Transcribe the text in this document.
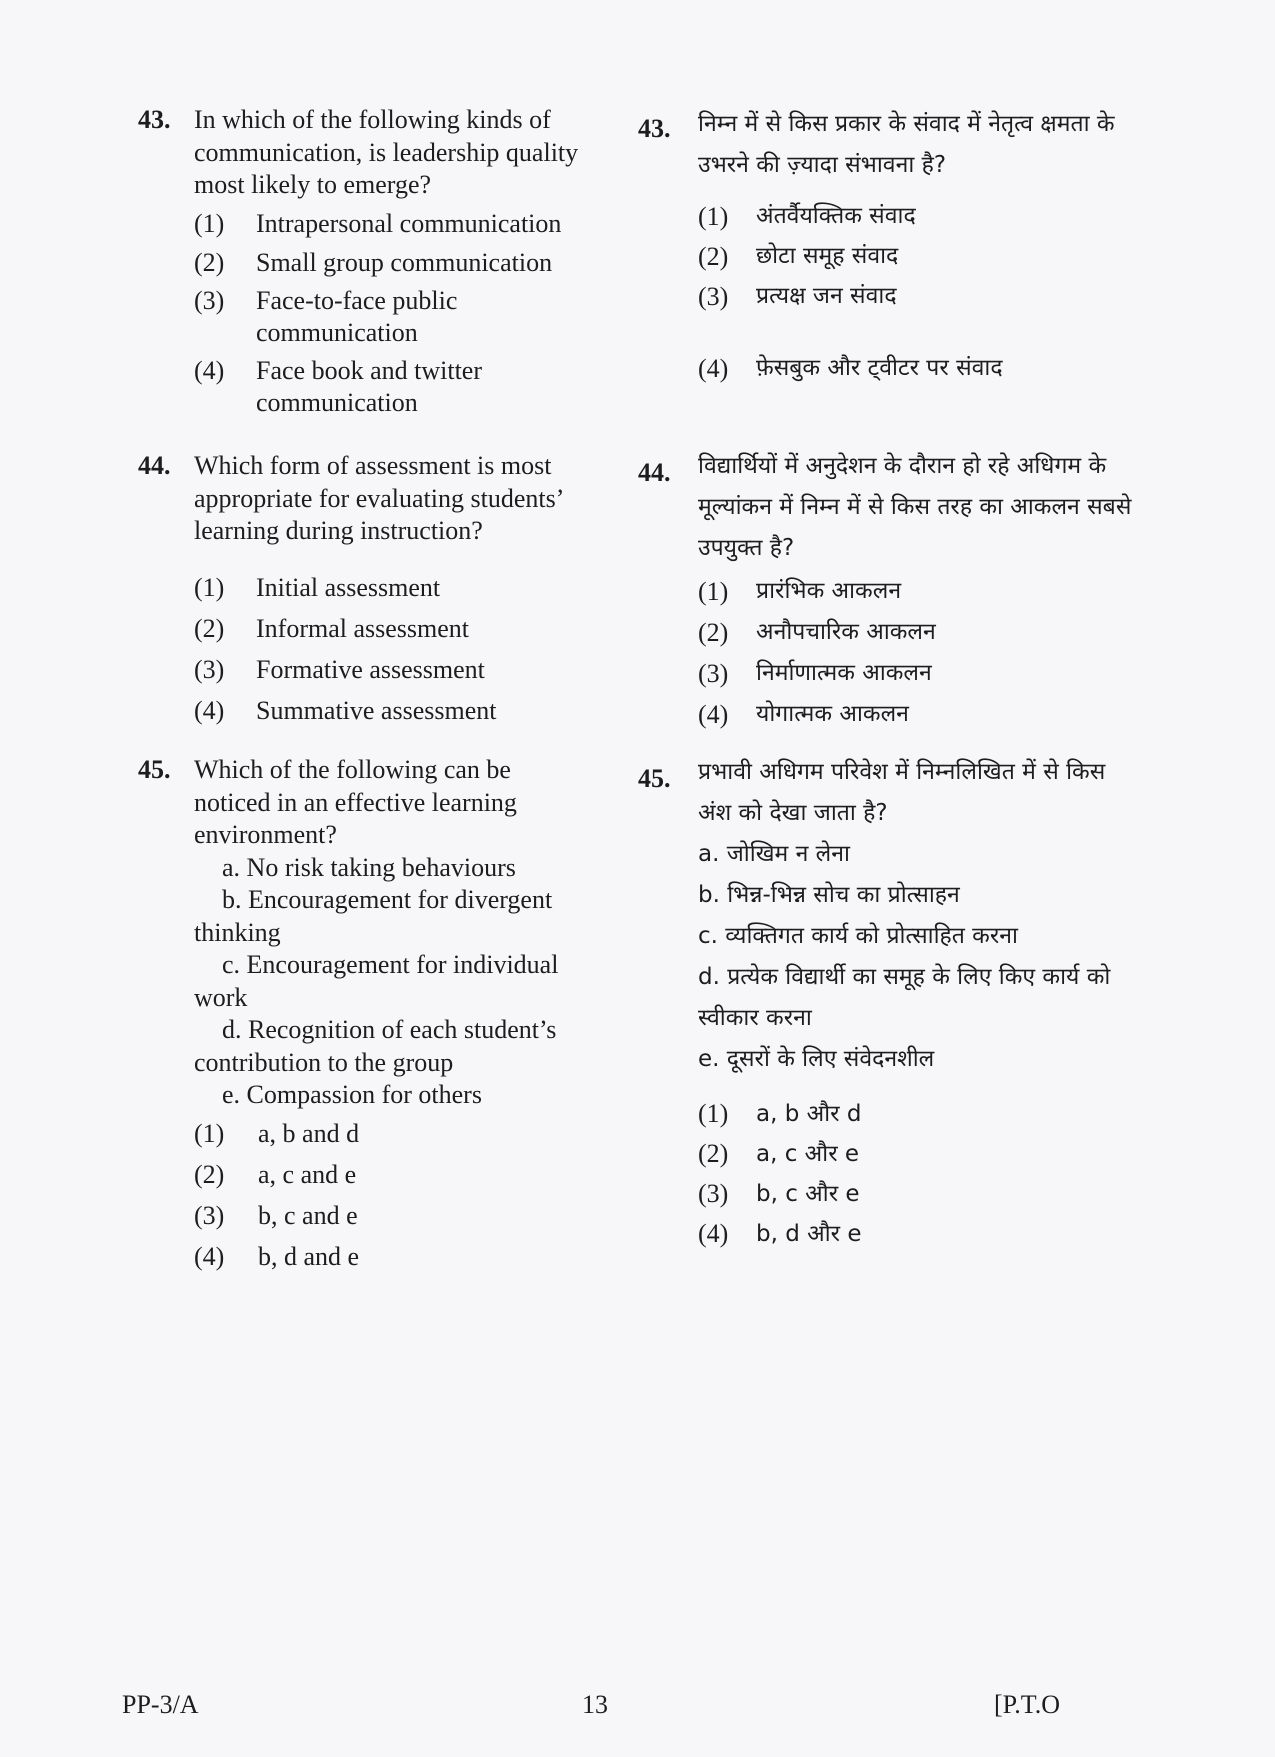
43. In which of the following kinds of communication, is leadership quality most likely to emerge?
(1)	Intrapersonal communication
(2)	Small group communication
(3)	Face-to-face public communication
(4)	Face book and twitter communication
43. निम्न में से किस प्रकार के संवाद में नेतृत्व क्षमता के उभरने की ज़्यादा संभावना है?
(1)	अंतर्वैयक्तिक संवाद
(2)	छोटा समूह संवाद
(3)	प्रत्यक्ष जन संवाद
(4)	फ़ेसबुक और ट्वीटर पर संवाद
44. Which form of assessment is most appropriate for evaluating students’ learning during instruction?
(1)	Initial assessment
(2)	Informal assessment
(3)	Formative assessment
(4)	Summative assessment
44. विद्यार्थियों में अनुदेशन के दौरान हो रहे अधिगम के मूल्यांकन में निम्न में से किस तरह का आकलन सबसे उपयुक्त है?
(1)	प्रारंभिक आकलन
(2)	अनौपचारिक आकलन
(3)	निर्माणात्मक आकलन
(4)	योगात्मक आकलन
45. Which of the following can be noticed in an effective learning environment?
a. No risk taking behaviours
b. Encouragement for divergent thinking
c. Encouragement for individual work
d. Recognition of each student’s contribution to the group
e. Compassion for others
(1)	a, b and d
(2)	a, c and e
(3)	b, c and e
(4)	b, d and e
45. प्रभावी अधिगम परिवेश में निम्नलिखित में से किस अंश को देखा जाता है?
a. जोखिम न लेना
b. भिन्न-भिन्न सोच का प्रोत्साहन
c. व्यक्तिगत कार्य को प्रोत्साहित करना
d. प्रत्येक विद्यार्थी का समूह के लिए किए कार्य को स्वीकार करना
e. दूसरों के लिए संवेदनशील
(1)	a, b और d
(2)	a, c और e
(3)	b, c और e
(4)	b, d और e
PP-3/A	13	[P.T.O
